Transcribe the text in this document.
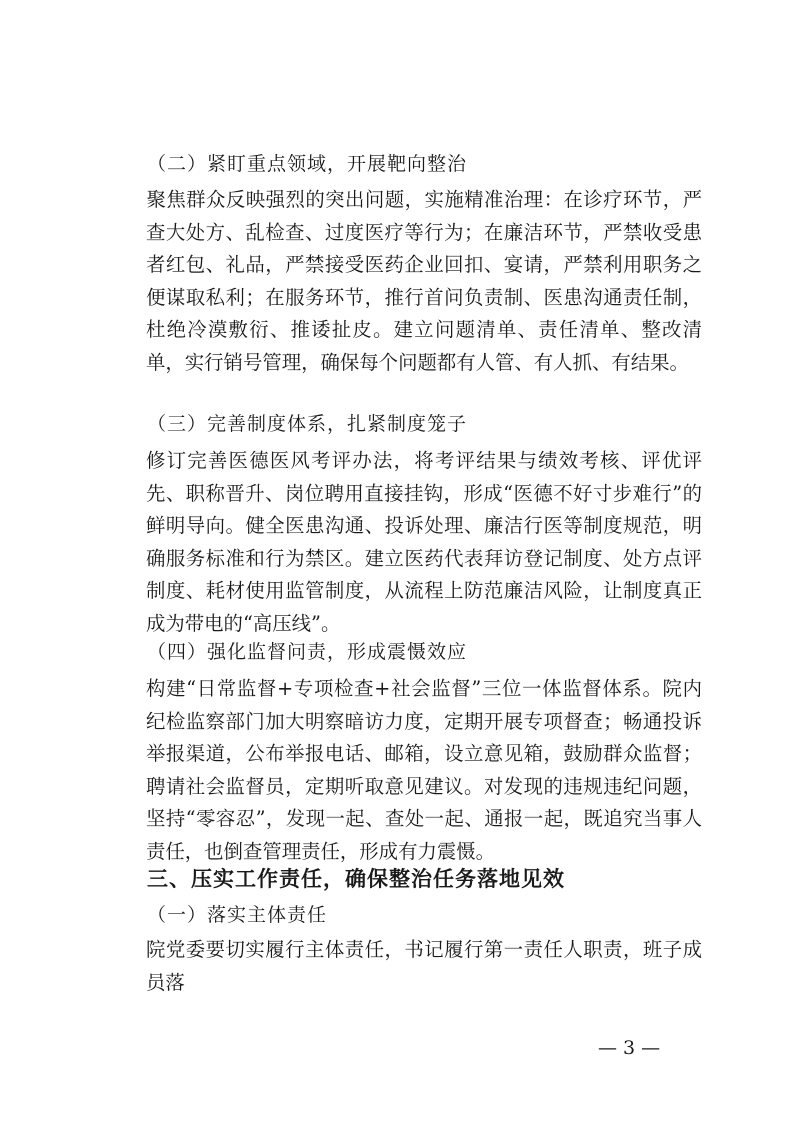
（二）紧盯重点领域，开展靶向整治

聚焦群众反映强烈的突出问题，实施精准治理：在诊疗环节，严查大处方、乱检查、过度医疗等行为；在廉洁环节，严禁收受患者红包、礼品，严禁接受医药企业回扣、宴请，严禁利用职务之便谋取私利；在服务环节，推行首问负责制、医患沟通责任制，杜绝冷漠敷衍、推诿扯皮。建立问题清单、责任清单、整改清单，实行销号管理，确保每个问题都有人管、有人抓、有结果。

（三）完善制度体系，扎紧制度笼子

修订完善医德医风考评办法，将考评结果与绩效考核、评优评先、职称晋升、岗位聘用直接挂钩，形成“医德不好寸步难行”的鲜明导向。健全医患沟通、投诉处理、廉洁行医等制度规范，明确服务标准和行为禁区。建立医药代表拜访登记制度、处方点评制度、耗材使用监管制度，从流程上防范廉洁风险，让制度真正成为带电的“高压线”。

（四）强化监督问责，形成震慑效应

构建“日常监督+专项检查+社会监督”三位一体监督体系。院内纪检监察部门加大明察暗访力度，定期开展专项督查；畅通投诉举报渠道，公布举报电话、邮箱，设立意见箱，鼓励群众监督；聘请社会监督员，定期听取意见建议。对发现的违规违纪问题，坚持“零容忍”，发现一起、查处一起、通报一起，既追究当事人责任，也倒查管理责任，形成有力震慑。

三、压实工作责任，确保整治任务落地见效
（一）落实主体责任

院党委要切实履行主体责任，书记履行第一责任人职责，班子成员落

— 3 —
